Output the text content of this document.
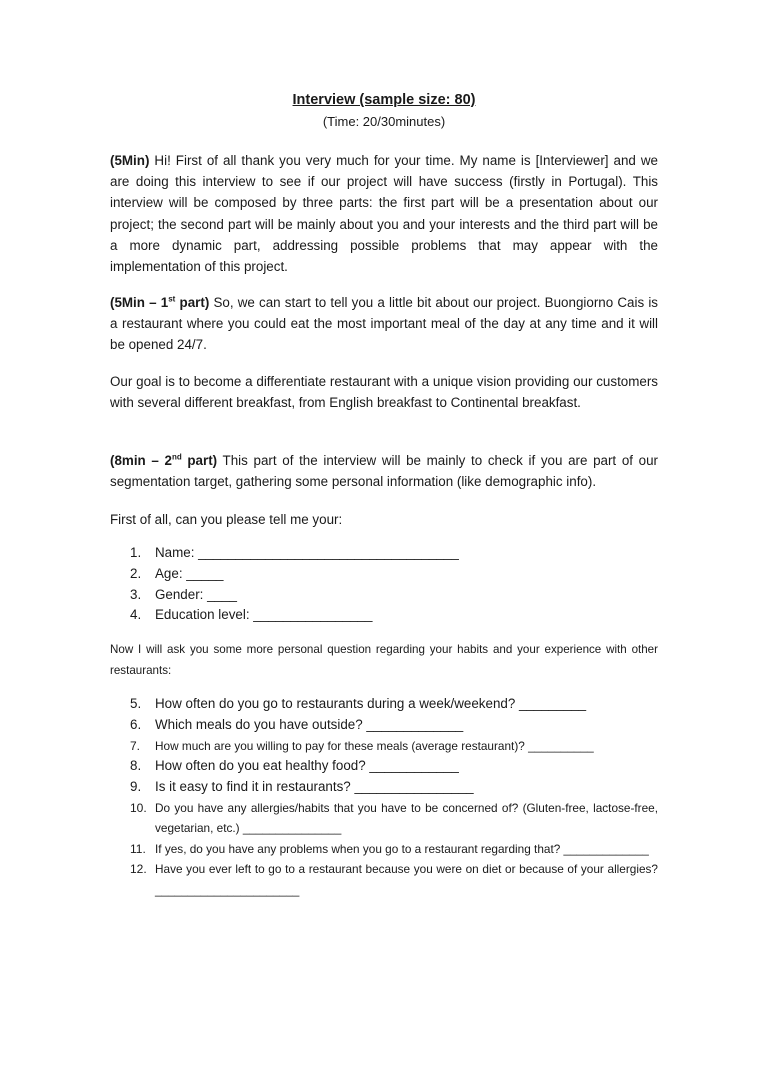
Interview (sample size: 80)
(Time: 20/30minutes)

(5Min) Hi! First of all thank you very much for your time. My name is [Interviewer] and we are doing this interview to see if our project will have success (firstly in Portugal). This interview will be composed by three parts: the first part will be a presentation about our project; the second part will be mainly about you and your interests and the third part will be a more dynamic part, addressing possible problems that may appear with the implementation of this project.

(5Min – 1st part) So, we can start to tell you a little bit about our project. Buongiorno Cais is a restaurant where you could eat the most important meal of the day at any time and it will be opened 24/7.

Our goal is to become a differentiate restaurant with a unique vision providing our customers with several different breakfast, from English breakfast to Continental breakfast.

(8min – 2nd part) This part of the interview will be mainly to check if you are part of our segmentation target, gathering some personal information (like demographic info).

First of all, can you please tell me your:

1.	Name: ___________________________________
2.	Age: _____
3.	Gender: ____
4.	Education level: ________________

Now I will ask you some more personal question regarding your habits and your experience with other restaurants:

5.	How often do you go to restaurants during a week/weekend? _________
6.	Which meals do you have outside? _____________
7.	How much are you willing to pay for these meals (average restaurant)? __________
8.	How often do you eat healthy food? ____________
9.	Is it easy to find it in restaurants? ________________
10. Do you have any allergies/habits that you have to be concerned of? (Gluten-free, lactose-free, vegetarian, etc.) _______________
11. If yes, do you have any problems when you go to a restaurant regarding that? _____________
12. Have you ever left to go to a restaurant because you were on diet or because of your allergies? ______________________
